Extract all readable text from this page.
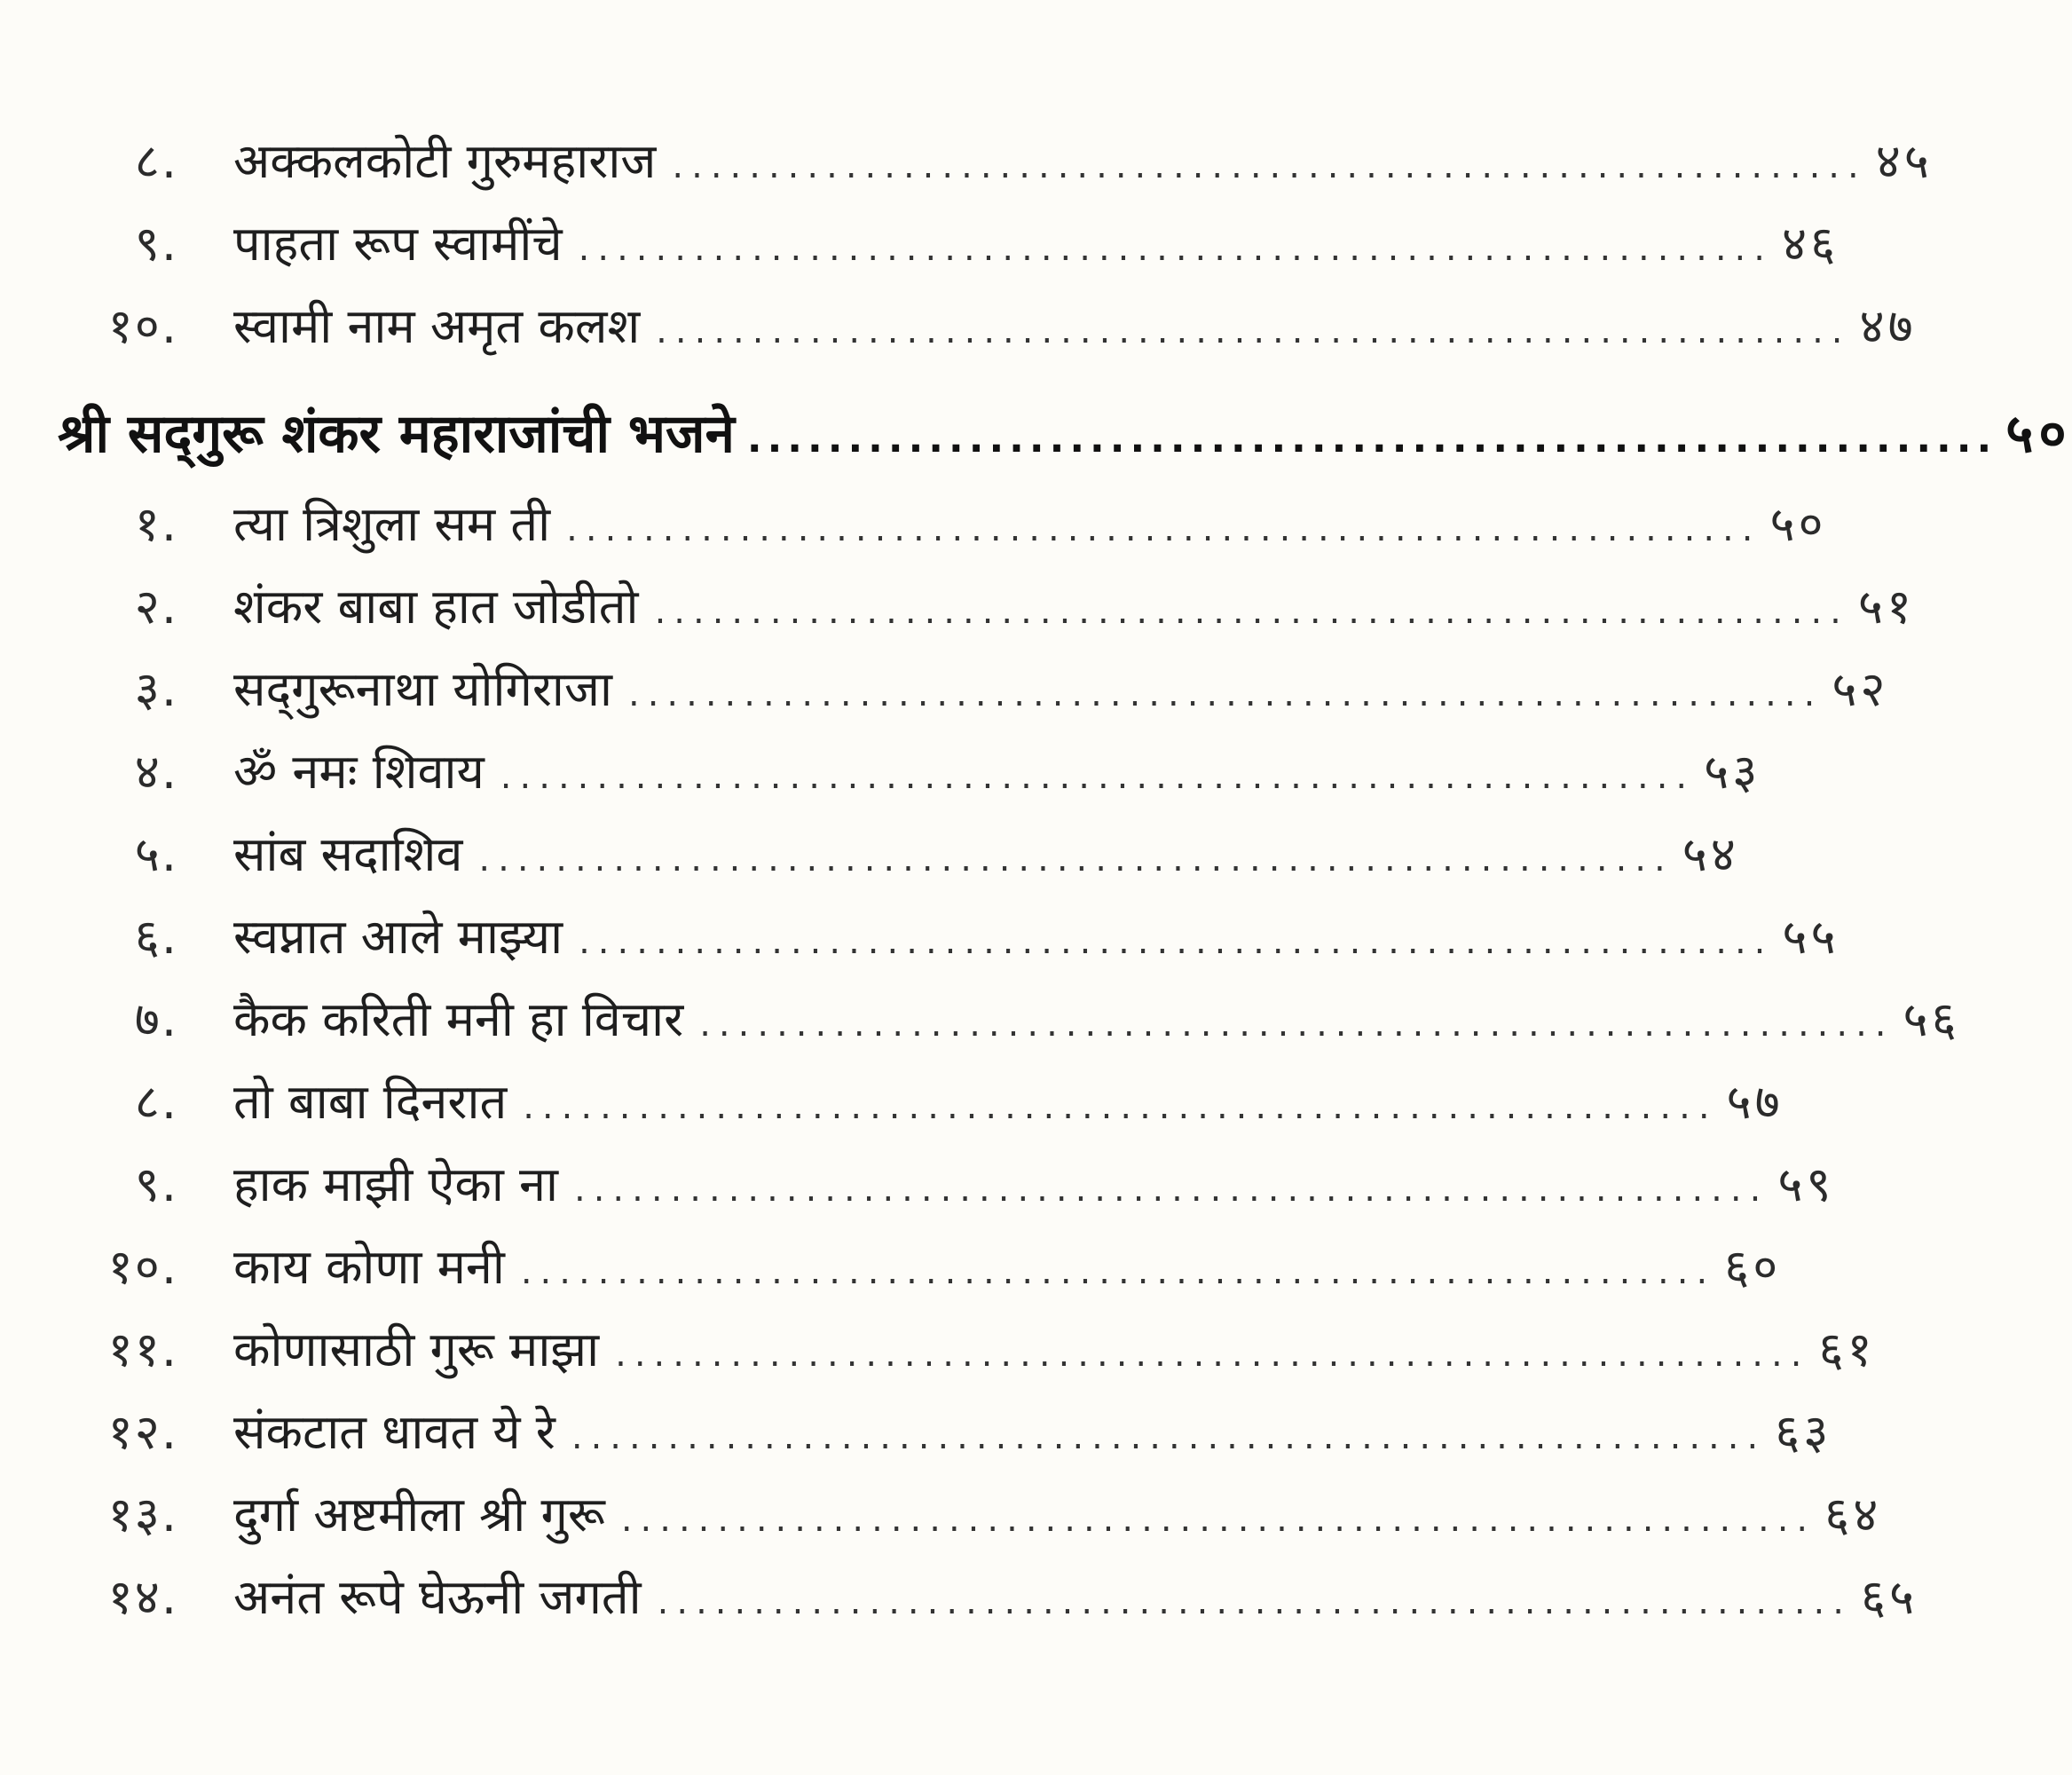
८. अक्कलकोटी गुरुमहाराज .............................................................. ४५
९. पाहता रूप स्वामींचे .............................................................. ४६
१०. स्वामी नाम अमृत कलश .............................................................. ४७
श्री सद्‌गुरू शंकर महाराजांची भजने .............................................................. ५०
१. त्या त्रिशुला सम ती .............................................................. ५०
२. शंकर बाबा हात जोडीतो .............................................................. ५१
३. सद्‌गुरूनाथा योगिराजा .............................................................. ५२
४. ॐ नमः शिवाय .............................................................. ५३
५. सांब सदाशिव .............................................................. ५४
६. स्वप्नात आले माझ्या .............................................................. ५५
७. कैक करिती मनी हा विचार .............................................................. ५६
८. तो बाबा दिनरात .............................................................. ५७
९. हाक माझी ऐका ना .............................................................. ५९
१०. काय कोणा मनी .............................................................. ६०
११. कोणासाठी गुरू माझा .............................................................. ६१
१२. संकटात धावत ये रे .............................................................. ६३
१३. दुर्गा अष्टमीला श्री गुरू .............................................................. ६४
१४. अनंत रूपे घेऊनी जगती .............................................................. ६५
